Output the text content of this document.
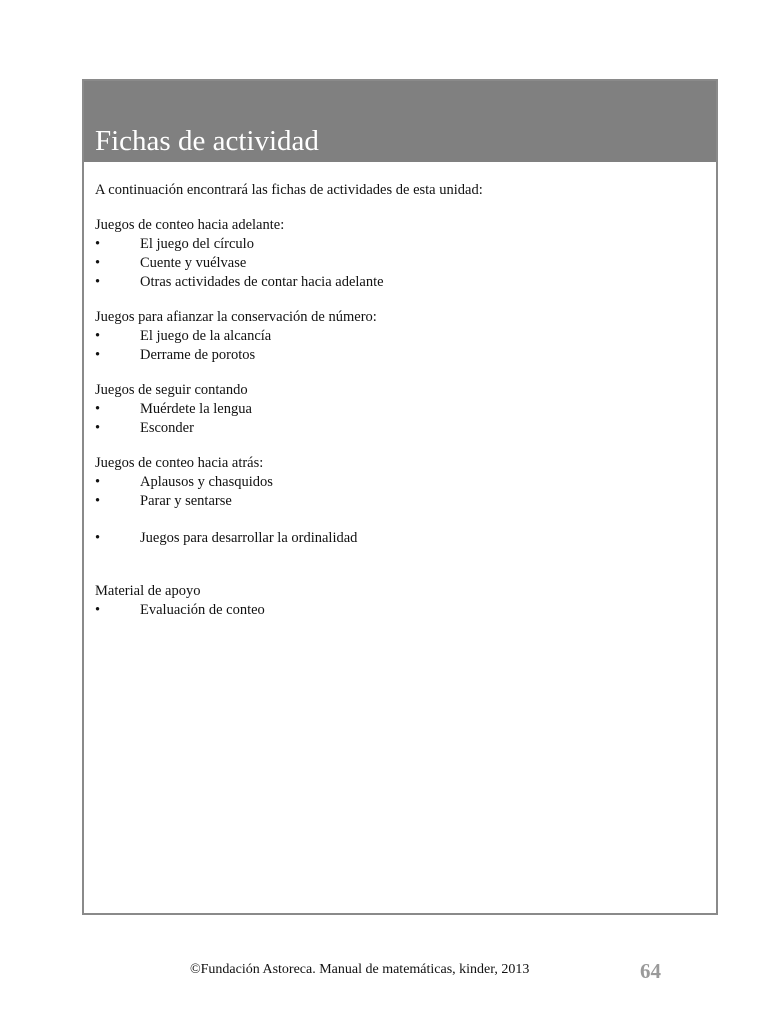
Fichas de actividad

A continuación encontrará las fichas de actividades de esta unidad:

Juegos de conteo hacia adelante:

•	El juego del círculo
•	Cuente y vuélvase
•	Otras actividades de contar hacia adelante

Juegos para afianzar la conservación de número:

•	El juego de la alcancía
•	Derrame de porotos

Juegos de seguir contando

•	Muérdete la lengua
•	Esconder

Juegos de conteo hacia atrás:

•	Aplausos y chasquidos
•	Parar y sentarse
•	Juegos para desarrollar la ordinalidad

Material de apoyo

•	Evaluación de conteo
©Fundación Astoreca. Manual de matemáticas, kinder, 2013	64
